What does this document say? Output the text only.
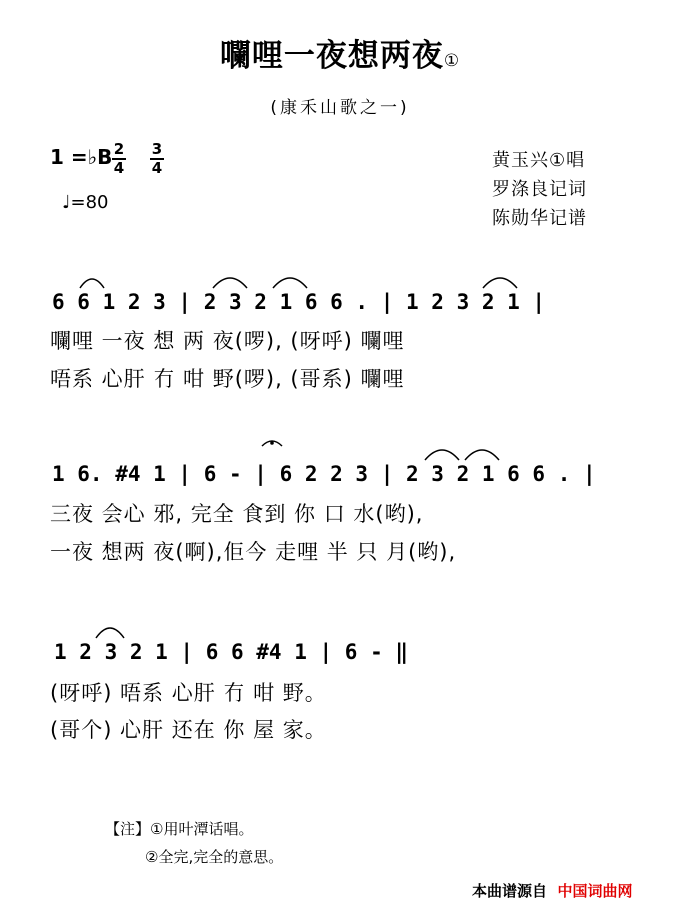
㘓哩一夜想两夜①
(康禾山歌之一)
1 =♭B 2
4
3
4
♩=80
黄玉兴①唱
罗涤良记词
陈勋华记谱
6 6 1 2 3 | 2 3 2 1 6 6 . | 1 2 3 2 1 |
㘓哩 一夜 想 两 夜(啰), (呀呼) 㘓哩
唔系 心肝 冇 咁 野(啰), (哥系) 㘓哩
1 6. #4 1 | 6 - | 6 2 2 3 | 2 3 2 1 6 6 . |
三夜 会心 邪, 完全 食到 你 口 水(哟),
一夜 想两 夜(啊),佢今 走哩 半 只 月(哟),
1 2 3 2 1 | 6 6 #4 1 | 6 - ‖
(呀呼) 唔系 心肝 冇 咁 野。
(哥个) 心肝 还在 你 屋 家。
【注】①用叶潭话唱。
②全完,完全的意思。
本曲谱源自 中国词曲网
